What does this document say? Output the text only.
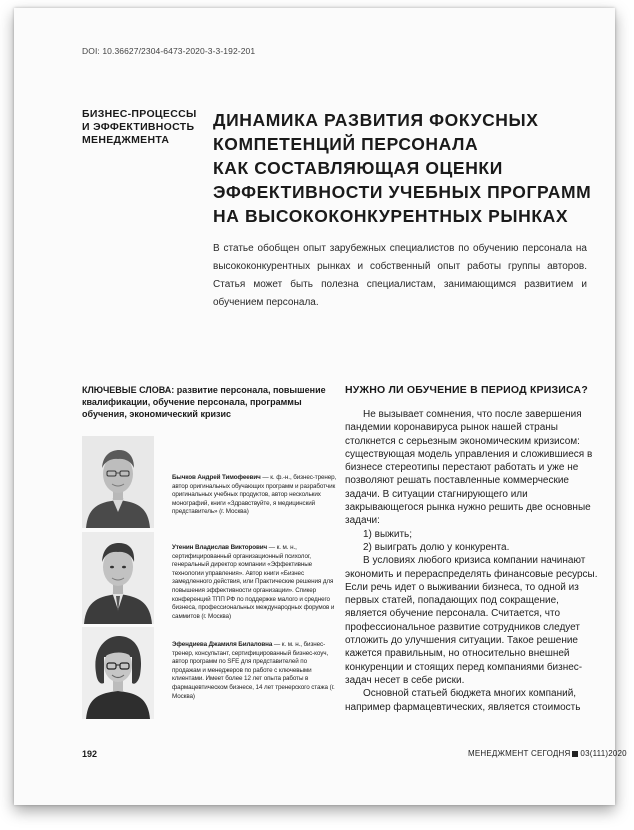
DOI: 10.36627/2304-6473-2020-3-3-192-201
БИЗНЕС-ПРОЦЕССЫ
И ЭФФЕКТИВНОСТЬ
МЕНЕДЖМЕНТА
ДИНАМИКА РАЗВИТИЯ ФОКУСНЫХ
КОМПЕТЕНЦИЙ ПЕРСОНАЛА
КАК СОСТАВЛЯЮЩАЯ ОЦЕНКИ
ЭФФЕКТИВНОСТИ УЧЕБНЫХ ПРОГРАММ
НА ВЫСОКОКОНКУРЕНТНЫХ РЫНКАХ
В статье обобщен опыт зарубежных специалистов по обучению персонала на высококонкурентных рынках и собственный опыт работы группы авторов. Статья может быть полезна специалистам, занимающимся развитием и обучением персонала.
КЛЮЧЕВЫЕ СЛОВА: развитие персонала, повышение квалификации, обучение персонала, программы обучения, экономический кризис
Бычков Андрей Тимофеевич — к. ф.-н., бизнес-тренер, автор оригинальных обучающих программ и разработчик оригинальных учебных продуктов, автор нескольких монографий, книги «Здравствуйте, я медицинский представитель» (г. Москва)
Утенин Владислав Викторович — к. м. н., сертифицированный организационный психолог, генеральный директор компании «Эффективные технологии управления». Автор книги «Бизнес замедленного действия, или Практические решения для повышения эффективности организации». Спикер конференций ТПП РФ по поддержке малого и среднего бизнеса, профессиональных международных форумов и саммитов (г. Москва)
Эфендиева Джамиля Билаловна — к. м. н., бизнес-тренер, консультант, сертифицированный бизнес-коуч, автор программ по SFE для представителей по продажам и менеджеров по работе с ключевыми клиентами. Имеет более 12 лет опыта работы в фармацевтическом бизнесе, 14 лет тренерского стажа (г. Москва)
НУЖНО ЛИ ОБУЧЕНИЕ В ПЕРИОД КРИЗИСА?

Не вызывает сомнения, что после завершения пандемии коронавируса рынок нашей страны столкнется с серьезным экономическим кризисом: существующая модель управления и сложившиеся в бизнесе стереотипы перестают работать и уже не позволяют решать поставленные коммерческие задачи. В ситуации стагнирующего или закрывающегося рынка нужно решить две основные задачи:

1) выжить;

2) выиграть долю у конкурента.

В условиях любого кризиса компании начинают экономить и перераспределять финансовые ресурсы. Если речь идет о выживании бизнеса, то одной из первых статей, попадающих под сокращение, является обучение персонала. Считается, что профессиональное развитие сотрудников следует отложить до улучшения ситуации. Такое решение кажется правильным, но относительно внешней конкуренции и стоящих перед компаниями бизнес-задач несет в себе риски.

Основной статьей бюджета многих компаний, например фармацевтических, является стоимость

192	МЕНЕДЖМЕНТ СЕГОДНЯ 03(111)2020
